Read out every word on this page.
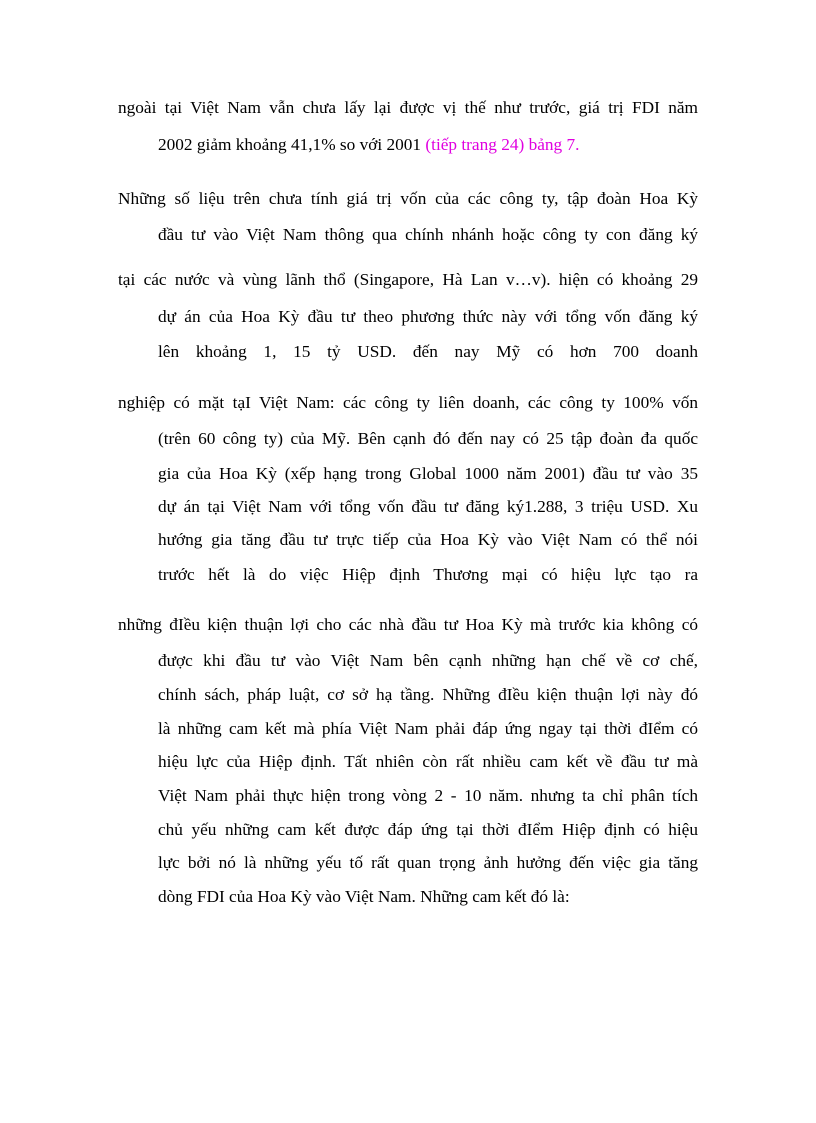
ngoài tại Việt Nam vẫn chưa lấy lại được vị thế như trước, giá trị FDI năm
2002 giảm khoảng 41,1% so với 2001 (tiếp trang 24) bảng 7.
Những số liệu trên chưa tính giá trị vốn của các công ty, tập đoàn Hoa Kỳ
đầu tư vào Việt Nam thông qua chính nhánh hoặc công ty con đăng ký
tại các nước và vùng lãnh thổ (Singapore, Hà Lan v…v). hiện có khoảng 29
dự án của Hoa Kỳ đầu tư theo phương thức này với tổng vốn đăng ký
lên khoảng 1, 15 tỷ USD. đến nay Mỹ có hơn 700 doanh
nghiệp có mặt tạI Việt Nam: các công ty liên doanh, các công ty 100% vốn
(trên 60 công ty) của Mỹ. Bên cạnh đó đến nay có 25 tập đoàn đa quốc
gia của Hoa Kỳ (xếp hạng trong Global 1000 năm 2001) đầu tư vào 35
dự án tại Việt Nam với tổng vốn đầu tư đăng ký1.288, 3 triệu USD. Xu
hướng gia tăng đầu tư trực tiếp của Hoa Kỳ vào Việt Nam có thể nói
trước hết là do việc Hiệp định Thương mại có hiệu lực tạo ra
những đIều kiện thuận lợi cho các nhà đầu tư Hoa Kỳ mà trước kia không có
được khi đầu tư vào Việt Nam bên cạnh những hạn chế về cơ chế,
chính sách, pháp luật, cơ sở hạ tầng. Những đIều kiện thuận lợi này đó
là những cam kết mà phía Việt Nam phải đáp ứng ngay tại thời đIểm có
hiệu lực của Hiệp định. Tất nhiên còn rất nhiều cam kết về đầu tư mà
Việt Nam phải thực hiện trong vòng 2 - 10 năm. nhưng ta chỉ phân tích
chủ yếu những cam kết được đáp ứng tại thời đIểm Hiệp định có hiệu
lực bởi nó là những yếu tố rất quan trọng ảnh hưởng đến việc gia tăng
dòng FDI của Hoa Kỳ vào Việt Nam. Những cam kết đó là:
